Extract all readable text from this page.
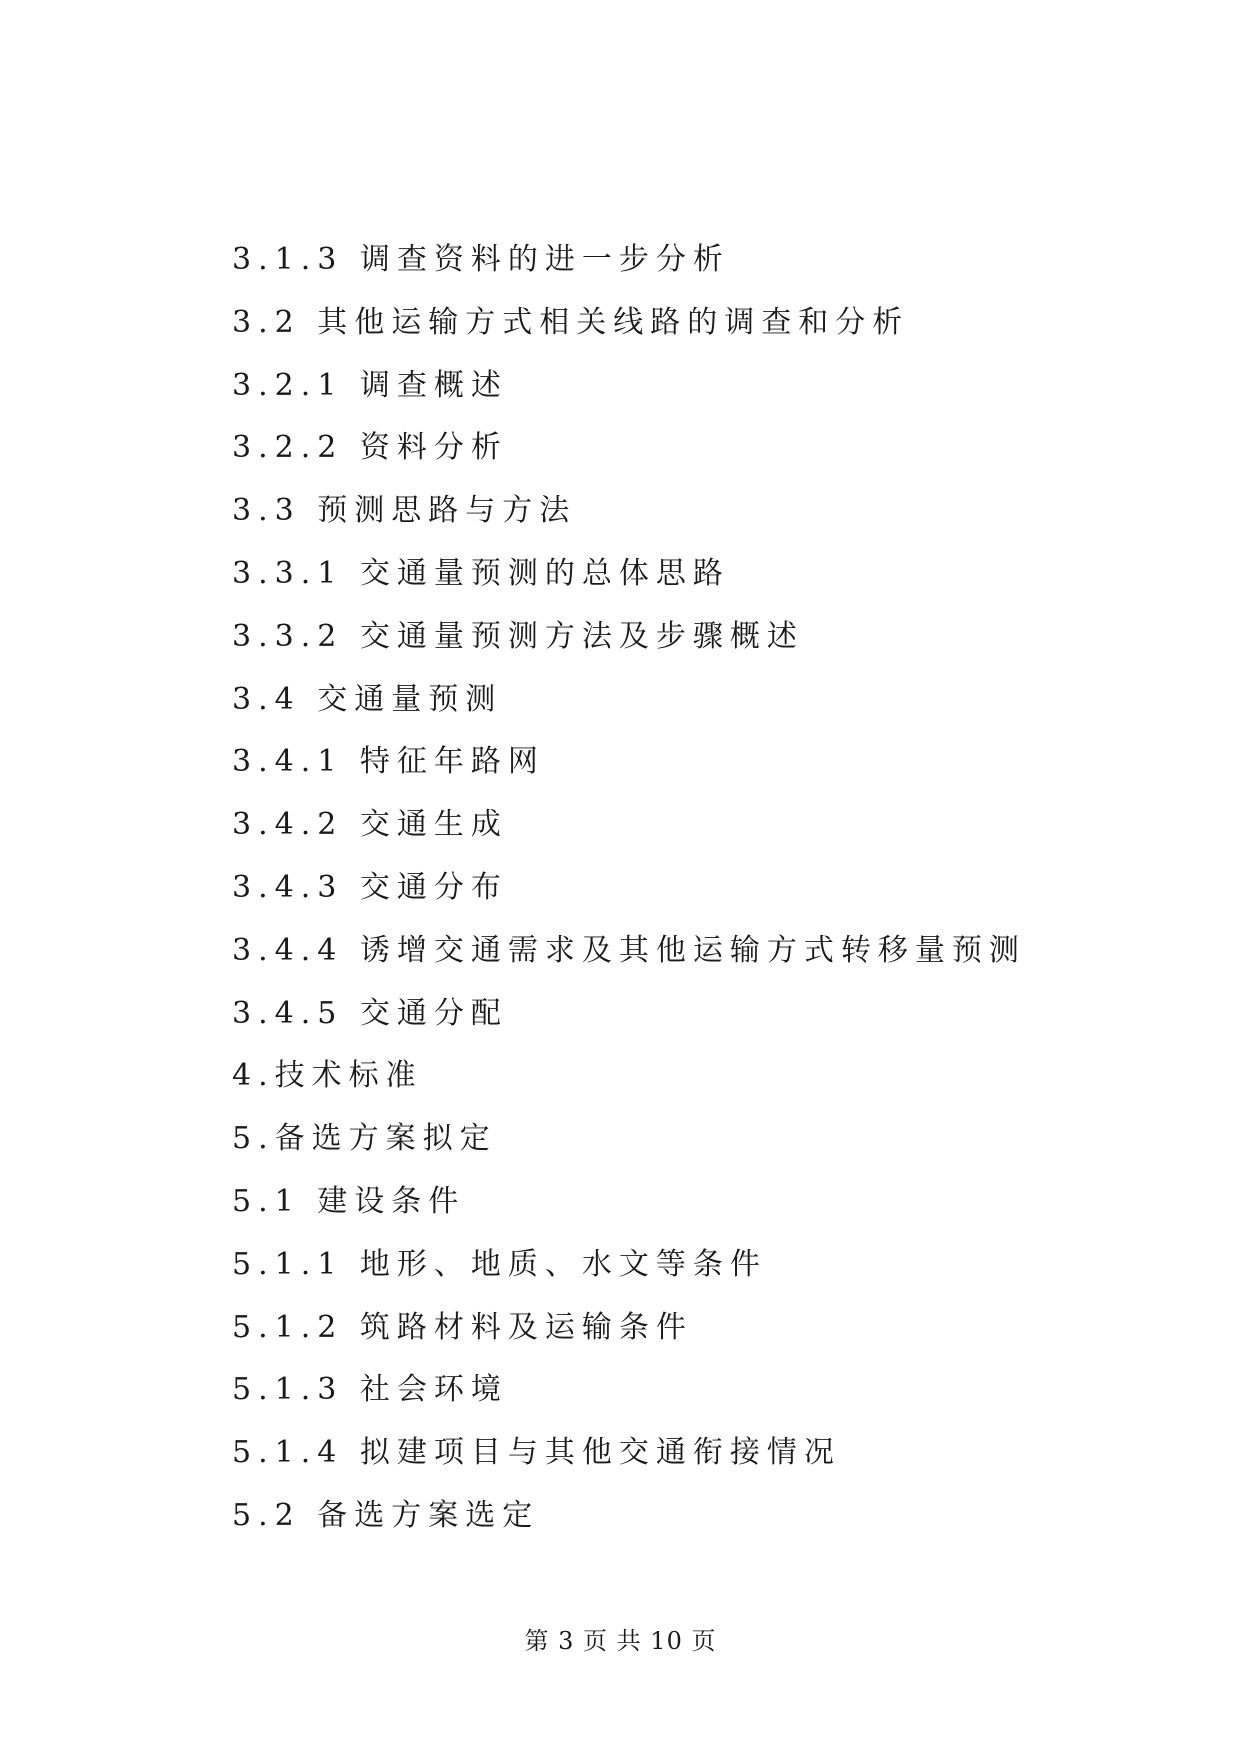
3.1.3 调查资料的进一步分析
3.2 其他运输方式相关线路的调查和分析
3.2.1 调查概述
3.2.2 资料分析
3.3 预测思路与方法
3.3.1 交通量预测的总体思路
3.3.2 交通量预测方法及步骤概述
3.4 交通量预测
3.4.1 特征年路网
3.4.2 交通生成
3.4.3 交通分布
3.4.4 诱增交通需求及其他运输方式转移量预测
3.4.5 交通分配
4.技术标准
5.备选方案拟定
5.1 建设条件
5.1.1 地形、地质、水文等条件
5.1.2 筑路材料及运输条件
5.1.3 社会环境
5.1.4 拟建项目与其他交通衔接情况
5.2 备选方案选定
第 3 页 共 10 页
